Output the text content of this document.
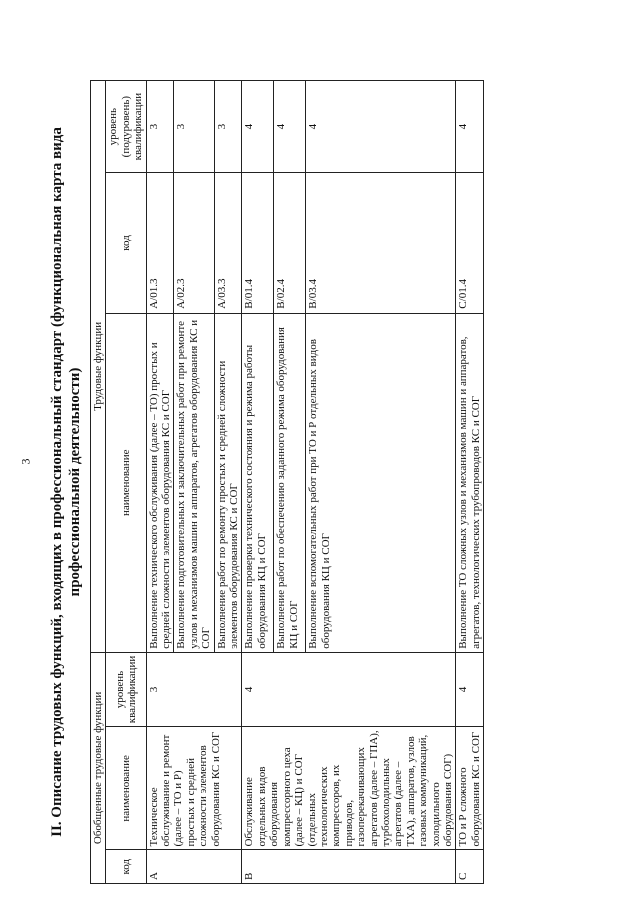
3 II. Описание трудовых функций, входящих в профессиональный стандарт (функциональная карта вида профессиональной деятельности)
Обобщенные трудовые функции			Трудовые функции		
код	наименование	уровень квалификации	наименование	код	уровень (подуровень) квалификации
A	Техническое обслуживание и ремонт (далее – ТО и Р) простых и средней сложности элементов оборудования КС и СОГ	3	Выполнение технического обслуживания (далее – ТО) простых и средней сложности элементов оборудования КС и СОГ	A/01.3	3
			Выполнение подготовительных и заключительных работ при ремонте узлов и механизмов машин и аппаратов, агрегатов оборудования КС и СОГ	A/02.3	3
			Выполнение работ по ремонту простых и средней сложности элементов оборудования КС и СОГ	A/03.3	3
B	Обслуживание отдельных видов оборудования компрессорного цеха (далее – КЦ) и СОГ (отдельных технологических компрессоров, их приводов, газоперекачивающих агрегатов (далее – ГПА), турбохолодильных агрегатов (далее – ТХА), аппаратов, узлов газовых коммуникаций, холодильного оборудования СОГ)	4	Выполнение проверки технического состояния и режима работы оборудования КЦ и СОГ	B/01.4	4
			Выполнение работ по обеспечению заданного режима оборудования КЦ и СОГ	B/02.4	4
			Выполнение вспомогательных работ при ТО и Р отдельных видов оборудования КЦ и СОГ	B/03.4	4
C	ТО и Р сложного оборудования КС и СОГ	4	Выполнение ТО сложных узлов и механизмов машин и аппаратов, агрегатов, технологических трубопроводов КС и СОГ	C/01.4	4
